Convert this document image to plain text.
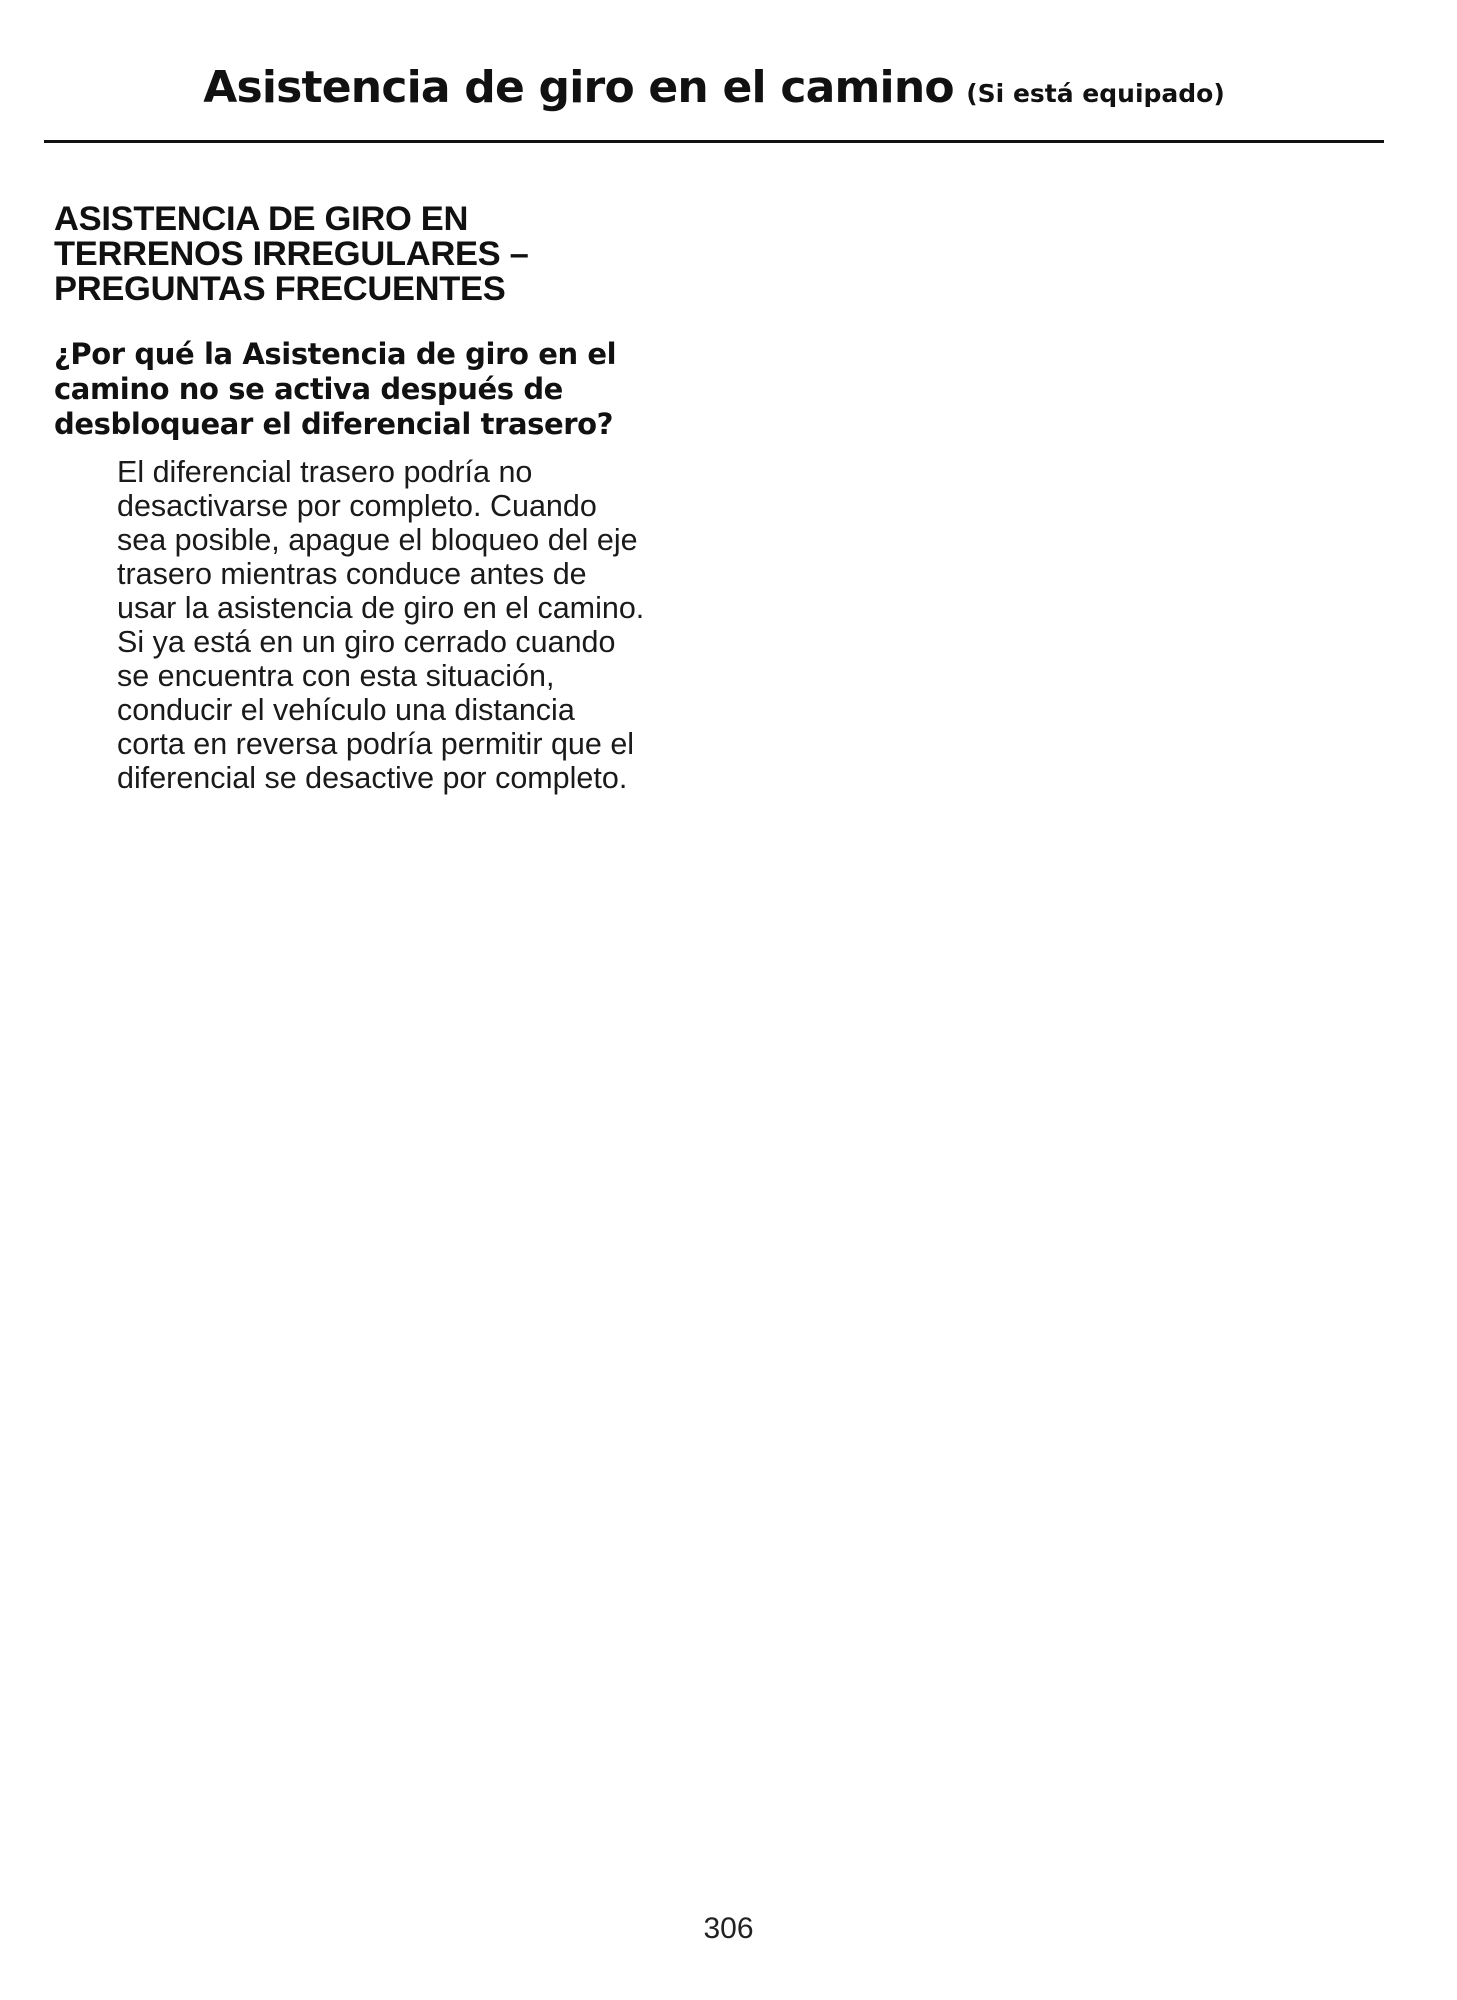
Asistencia de giro en el camino (Si está equipado)
ASISTENCIA DE GIRO EN
TERRENOS IRREGULARES –
PREGUNTAS FRECUENTES
¿Por qué la Asistencia de giro en el
camino no se activa después de
desbloquear el diferencial trasero?

El diferencial trasero podría no
desactivarse por completo. Cuando
sea posible, apague el bloqueo del eje
trasero mientras conduce antes de
usar la asistencia de giro en el camino.
Si ya está en un giro cerrado cuando
se encuentra con esta situación,
conducir el vehículo una distancia
corta en reversa podría permitir que el
diferencial se desactive por completo.

306
